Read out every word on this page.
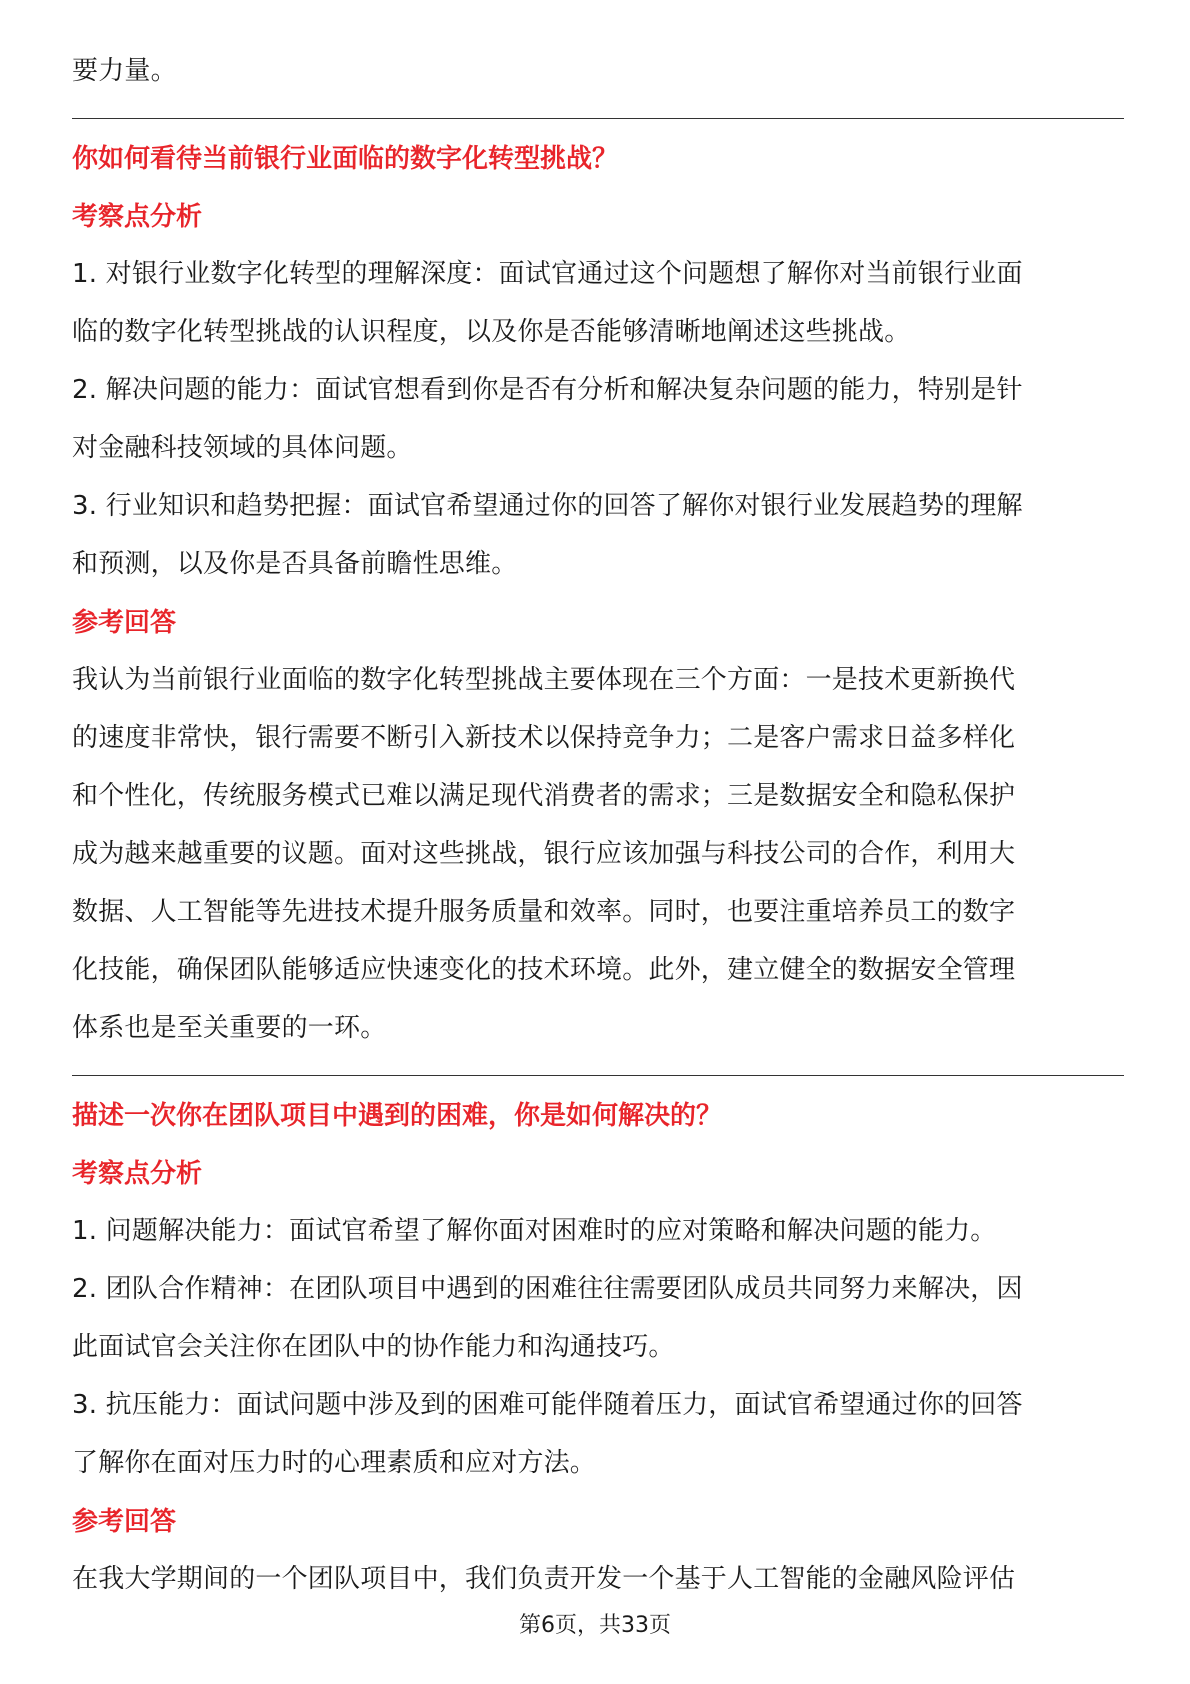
要力量。
你如何看待当前银行业面临的数字化转型挑战？
考察点分析
1. 对银行业数字化转型的理解深度：面试官通过这个问题想了解你对当前银行业面
临的数字化转型挑战的认识程度，以及你是否能够清晰地阐述这些挑战。
2. 解决问题的能力：面试官想看到你是否有分析和解决复杂问题的能力，特别是针
对金融科技领域的具体问题。
3. 行业知识和趋势把握：面试官希望通过你的回答了解你对银行业发展趋势的理解
和预测，以及你是否具备前瞻性思维。
参考回答
我认为当前银行业面临的数字化转型挑战主要体现在三个方面：一是技术更新换代
的速度非常快，银行需要不断引入新技术以保持竞争力；二是客户需求日益多样化
和个性化，传统服务模式已难以满足现代消费者的需求；三是数据安全和隐私保护
成为越来越重要的议题。面对这些挑战，银行应该加强与科技公司的合作，利用大
数据、人工智能等先进技术提升服务质量和效率。同时，也要注重培养员工的数字
化技能，确保团队能够适应快速变化的技术环境。此外，建立健全的数据安全管理
体系也是至关重要的一环。
描述一次你在团队项目中遇到的困难，你是如何解决的？
考察点分析
1. 问题解决能力：面试官希望了解你面对困难时的应对策略和解决问题的能力。
2. 团队合作精神：在团队项目中遇到的困难往往需要团队成员共同努力来解决，因
此面试官会关注你在团队中的协作能力和沟通技巧。
3. 抗压能力：面试问题中涉及到的困难可能伴随着压力，面试官希望通过你的回答
了解你在面对压力时的心理素质和应对方法。
参考回答
在我大学期间的一个团队项目中，我们负责开发一个基于人工智能的金融风险评估
第6页，共33页
